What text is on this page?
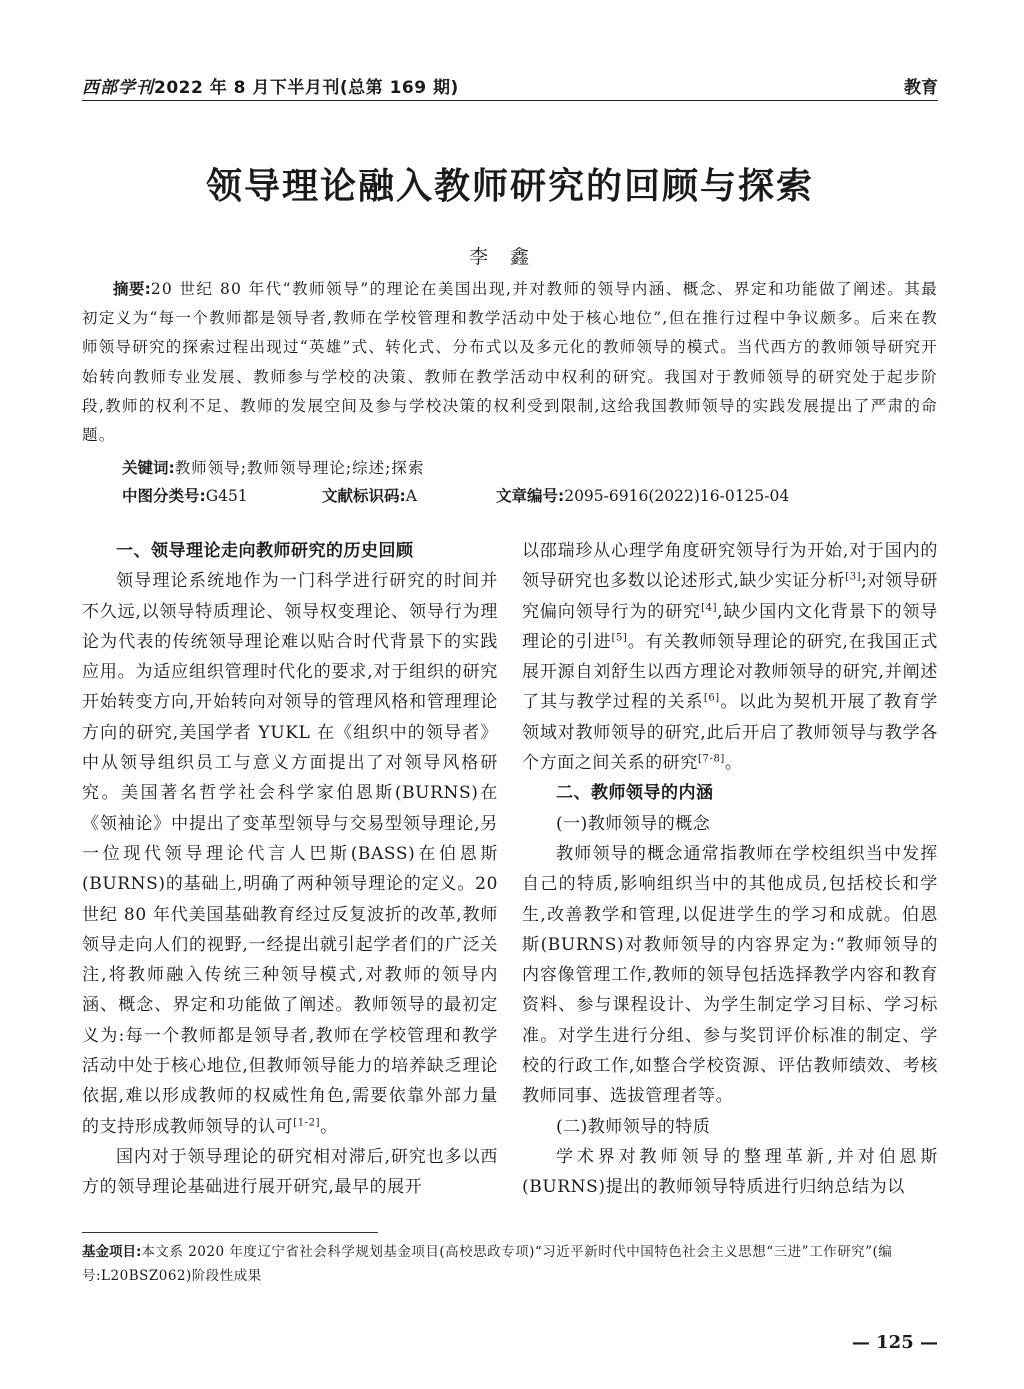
西部学刊2022 年 8 月下半月刊(总第 169 期)	教育
领导理论融入教师研究的回顾与探索
李鑫
摘要:20 世纪 80 年代“教师领导”的理论在美国出现,并对教师的领导内涵、概念、界定和功能做了阐述。其最初定义为“每一个教师都是领导者,教师在学校管理和教学活动中处于核心地位”,但在推行过程中争议颇多。后来在教师领导研究的探索过程出现过“英雄”式、转化式、分布式以及多元化的教师领导的模式。当代西方的教师领导研究开始转向教师专业发展、教师参与学校的决策、教师在教学活动中权利的研究。我国对于教师领导的研究处于起步阶段,教师的权利不足、教师的发展空间及参与学校决策的权利受到限制,这给我国教师领导的实践发展提出了严肃的命题。
关键词:教师领导;教师领导理论;综述;探索
中图分类号:G451	文献标识码:A	文章编号:2095-6916(2022)16-0125-04
一、领导理论走向教师研究的历史回顾

领导理论系统地作为一门科学进行研究的时间并不久远,以领导特质理论、领导权变理论、领导行为理论为代表的传统领导理论难以贴合时代背景下的实践应用。为适应组织管理时代化的要求,对于组织的研究开始转变方向,开始转向对领导的管理风格和管理理论方向的研究,美国学者 YUKL 在《组织中的领导者》中从领导组织员工与意义方面提出了对领导风格研究。美国著名哲学社会科学家伯恩斯(BURNS)在《领袖论》中提出了变革型领导与交易型领导理论,另一位现代领导理论代言人巴斯(BASS)在伯恩斯(BURNS)的基础上,明确了两种领导理论的定义。20 世纪 80 年代美国基础教育经过反复波折的改革,教师领导走向人们的视野,一经提出就引起学者们的广泛关注,将教师融入传统三种领导模式,对教师的领导内涵、概念、界定和功能做了阐述。教师领导的最初定义为:每一个教师都是领导者,教师在学校管理和教学活动中处于核心地位,但教师领导能力的培养缺乏理论依据,难以形成教师的权威性角色,需要依靠外部力量的支持形成教师领导的认可[1-2]。

国内对于领导理论的研究相对滞后,研究也多以西方的领导理论基础进行展开研究,最早的展开

以邵瑞珍从心理学角度研究领导行为开始,对于国内的领导研究也多数以论述形式,缺少实证分析[3];对领导研究偏向领导行为的研究[4],缺少国内文化背景下的领导理论的引进[5]。有关教师领导理论的研究,在我国正式展开源自刘舒生以西方理论对教师领导的研究,并阐述了其与教学过程的关系[6]。以此为契机开展了教育学领域对教师领导的研究,此后开启了教师领导与教学各个方面之间关系的研究[7-8]。

二、教师领导的内涵
(一)教师领导的概念

教师领导的概念通常指教师在学校组织当中发挥自己的特质,影响组织当中的其他成员,包括校长和学生,改善教学和管理,以促进学生的学习和成就。伯恩斯(BURNS)对教师领导的内容界定为:“教师领导的内容像管理工作,教师的领导包括选择教学内容和教育资料、参与课程设计、为学生制定学习目标、学习标准。对学生进行分组、参与奖罚评价标准的制定、学校的行政工作,如整合学校资源、评估教师绩效、考核教师同事、选拔管理者等。

(二)教师领导的特质

学术界对教师领导的整理革新,并对伯恩斯(BURNS)提出的教师领导特质进行归纳总结为以

基金项目:本文系 2020 年度辽宁省社会科学规划基金项目(高校思政专项)“习近平新时代中国特色社会主义思想“三进”工作研究”(编号:L20BSZ062)阶段性成果
— 125 —
